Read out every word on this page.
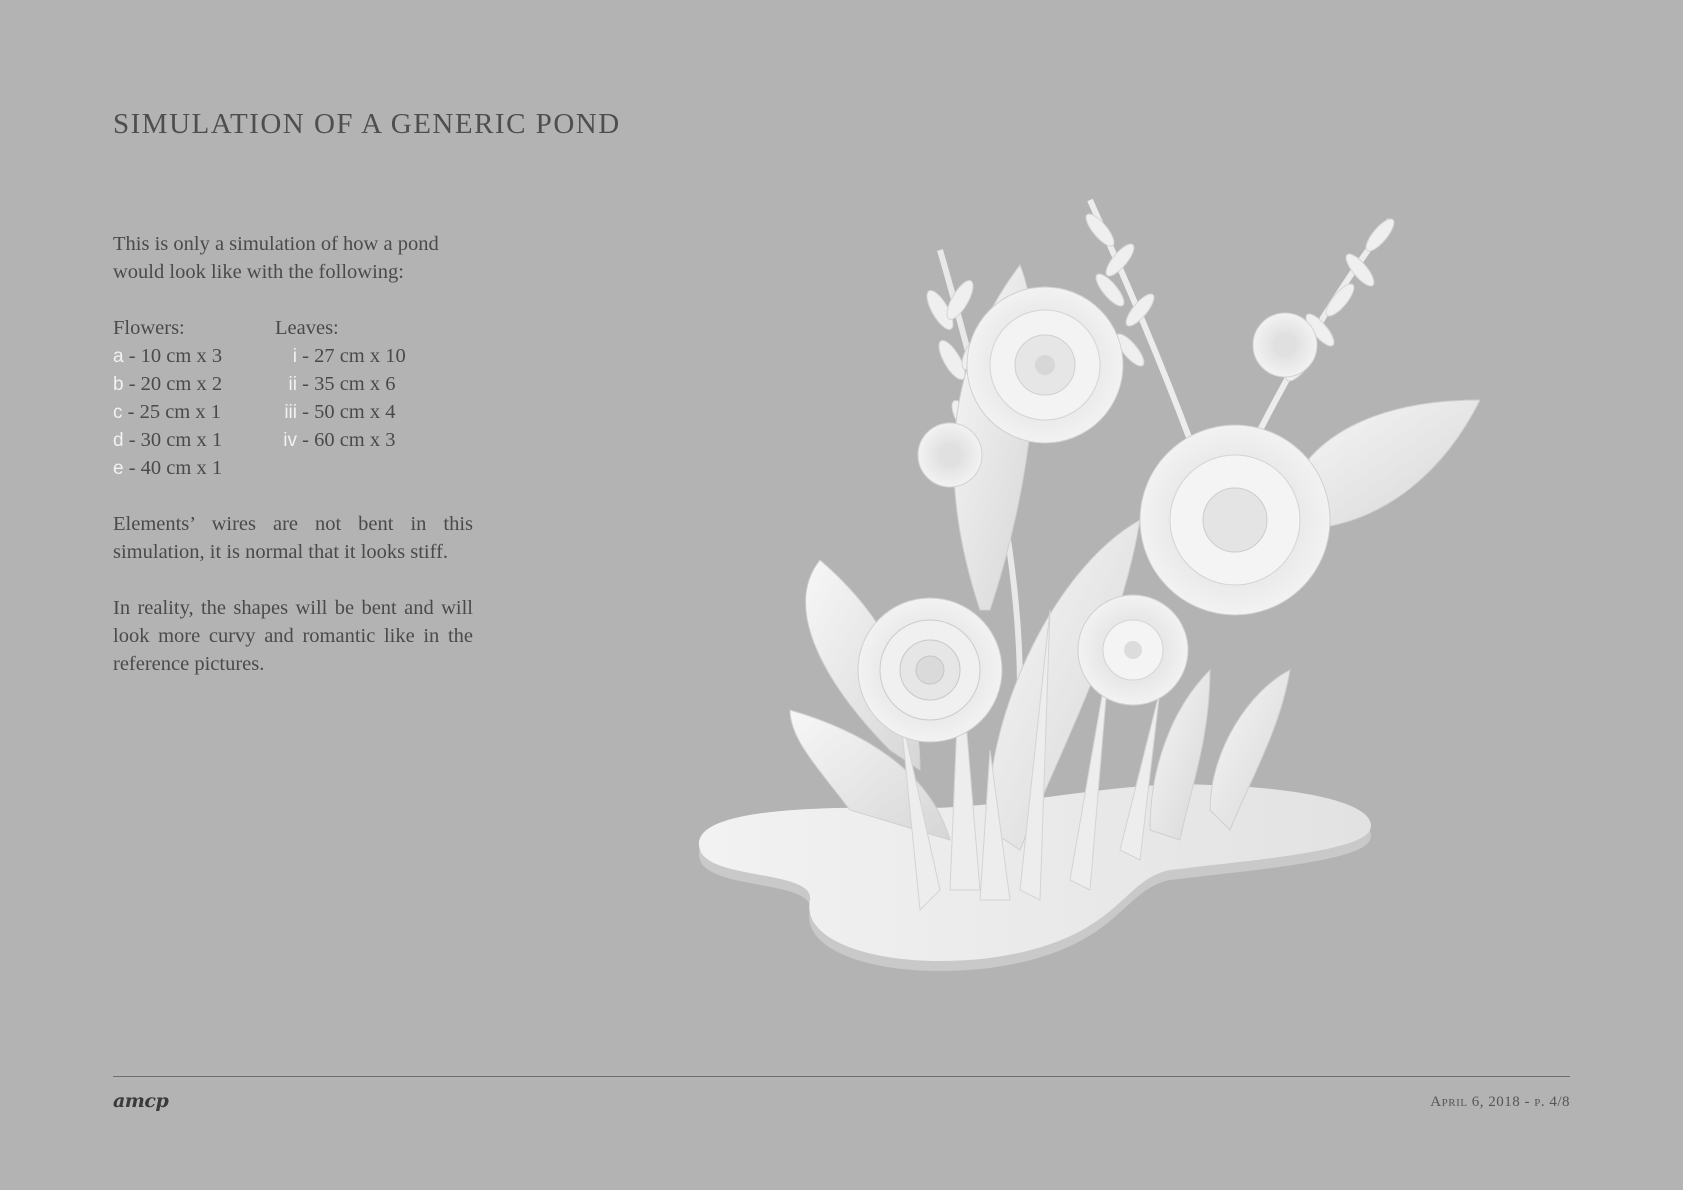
SIMULATION OF A GENERIC POND

This is only a simulation of how a pond would look like with the following:

Flowers:
a - 10 cm x 3
b - 20 cm x 2
c - 25 cm x 1
d - 30 cm x 1
e - 40 cm x 1
Leaves:
i - 27 cm x 10
ii - 35 cm x 6
iii - 50 cm x 4
iv - 60 cm x 3

Elements’ wires are not bent in this simulation, it is normal that it looks stiff.

In reality, the shapes will be bent and will look more curvy and romantic like in the reference pictures.

amcp	April 6, 2018 - p. 4/8
